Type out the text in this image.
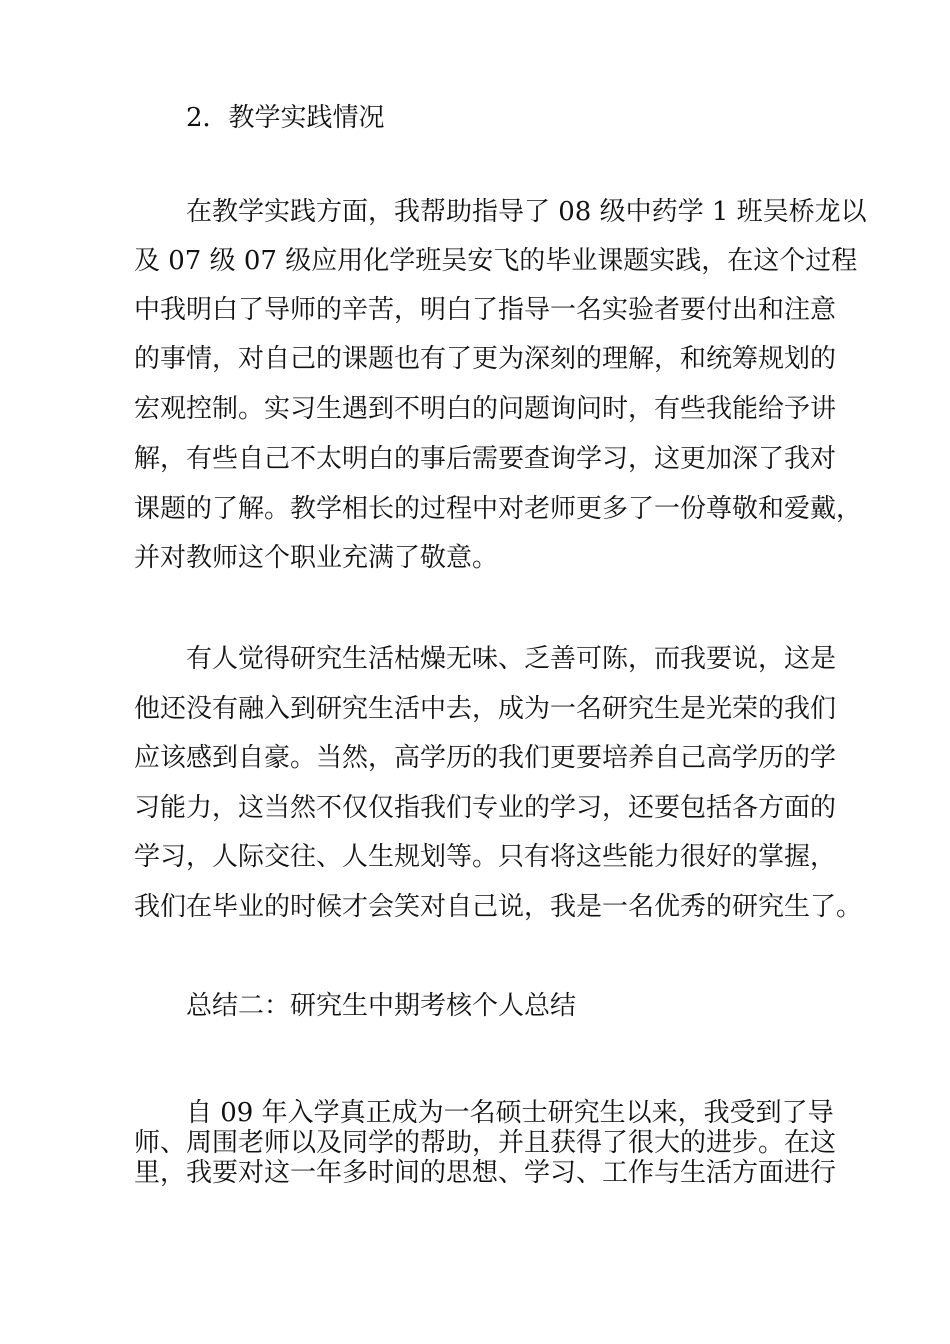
2．教学实践情况
在教学实践方面，我帮助指导了 08 级中药学 1 班吴桥龙以
及 07 级 07 级应用化学班吴安飞的毕业课题实践，在这个过程
中我明白了导师的辛苦，明白了指导一名实验者要付出和注意
的事情，对自己的课题也有了更为深刻的理解，和统筹规划的
宏观控制。实习生遇到不明白的问题询问时，有些我能给予讲
解，有些自己不太明白的事后需要查询学习，这更加深了我对
课题的了解。教学相长的过程中对老师更多了一份尊敬和爱戴，
并对教师这个职业充满了敬意。
有人觉得研究生活枯燥无味、乏善可陈，而我要说，这是
他还没有融入到研究生活中去，成为一名研究生是光荣的我们
应该感到自豪。当然，高学历的我们更要培养自己高学历的学
习能力，这当然不仅仅指我们专业的学习，还要包括各方面的
学习，人际交往、人生规划等。只有将这些能力很好的掌握，
我们在毕业的时候才会笑对自己说，我是一名优秀的研究生了。
总结二：研究生中期考核个人总结
自 09 年入学真正成为一名硕士研究生以来，我受到了导
师、周围老师以及同学的帮助，并且获得了很大的进步。在这
里，我要对这一年多时间的思想、学习、工作与生活方面进行
